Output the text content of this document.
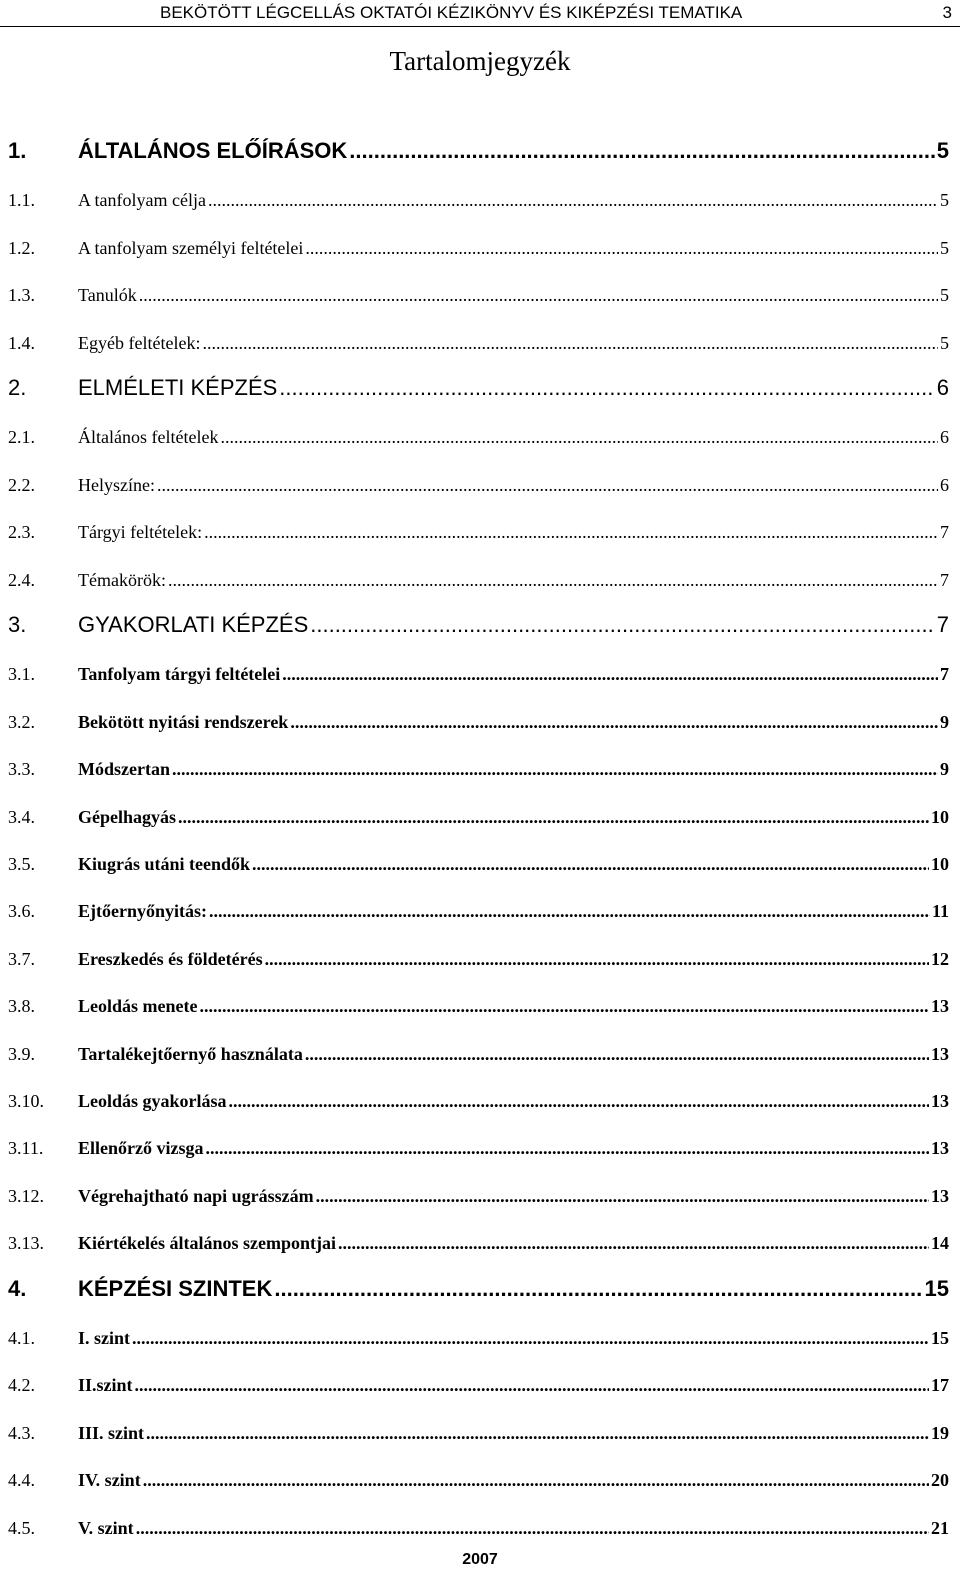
BEKÖTÖTT LÉGCELLÁS OKTATÓI KÉZIKÖNYV ÉS KIKÉPZÉSI TEMATIKA	3
Tartalomjegyzék
1.	ÁLTALÁNOS ELŐÍRÁSOK .....	5
1.1.	A tanfolyam célja .....	5
1.2.	A tanfolyam személyi feltételei .....	5
1.3.	Tanulók .....	5
1.4.	Egyéb feltételek: .....	5
2.	ELMÉLETI KÉPZÉS .....	6
2.1.	Általános feltételek .....	6
2.2.	Helyszíne: .....	6
2.3.	Tárgyi feltételek: .....	7
2.4.	Témakörök: .....	7
3.	GYAKORLATI KÉPZÉS .....	7
3.1.	Tanfolyam tárgyi feltételei .....	7
3.2.	Bekötött nyitási rendszerek .....	9
3.3.	Módszertan .....	9
3.4.	Gépelhagyás .....	10
3.5.	Kiugrás utáni teendők .....	10
3.6.	Ejtőernyőnyitás: .....	11
3.7.	Ereszkedés és földetérés .....	12
3.8.	Leoldás menete .....	13
3.9.	Tartalékejtőernyő használata .....	13
3.10.	Leoldás gyakorlása .....	13
3.11.	Ellenőrző vizsga .....	13
3.12.	Végrehajtható napi ugrásszám .....	13
3.13.	Kiértékelés általános szempontjai .....	14
4.	KÉPZÉSI SZINTEK .....	15
4.1.	I. szint .....	15
4.2.	II.szint .....	17
4.3.	III. szint .....	19
4.4.	IV. szint .....	20
4.5.	V. szint .....	21
2007
